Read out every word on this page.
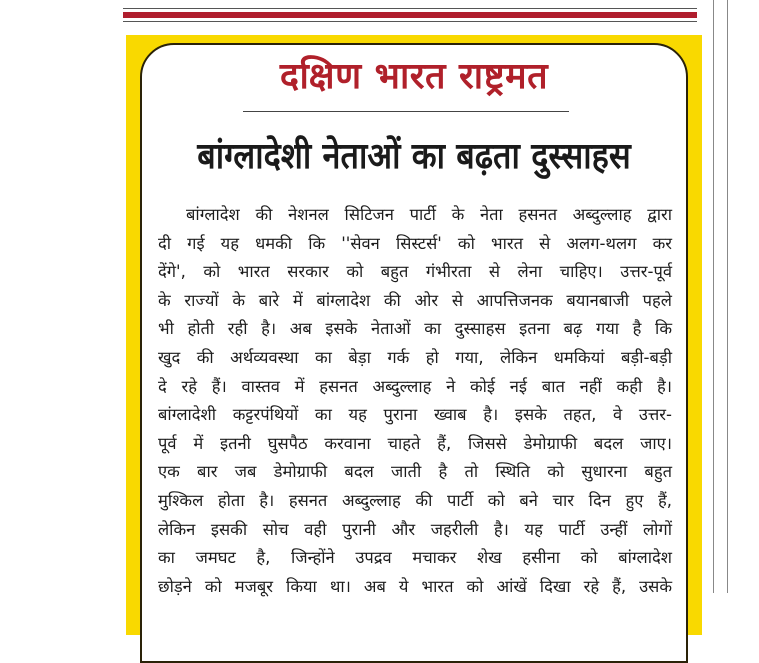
दक्षिण भारत राष्ट्रमत
बांग्लादेशी नेताओं का बढ़ता दुस्साहस
बांग्लादेश की नेशनल सिटिजन पार्टी के नेता हसनत अब्दुल्लाह द्वारा
दी गई यह धमकी कि ''सेवन सिस्टर्स' को भारत से अलग-थलग कर
देंगे', को भारत सरकार को बहुत गंभीरता से लेना चाहिए। उत्तर-पूर्व
के राज्यों के बारे में बांग्लादेश की ओर से आपत्तिजनक बयानबाजी पहले
भी होती रही है। अब इसके नेताओं का दुस्साहस इतना बढ़ गया है कि
खुद की अर्थव्यवस्था का बेड़ा गर्क हो गया, लेकिन धमकियां बड़ी-बड़ी
दे रहे हैं। वास्तव में हसनत अब्दुल्लाह ने कोई नई बात नहीं कही है।
बांग्लादेशी कट्टरपंथियों का यह पुराना ख्वाब है। इसके तहत, वे उत्तर-
पूर्व में इतनी घुसपैठ करवाना चाहते हैं, जिससे डेमोग्राफी बदल जाए।
एक बार जब डेमोग्राफी बदल जाती है तो स्थिति को सुधारना बहुत
मुश्किल होता है। हसनत अब्दुल्लाह की पार्टी को बने चार दिन हुए हैं,
लेकिन इसकी सोच वही पुरानी और जहरीली है। यह पार्टी उन्हीं लोगों
का जमघट है, जिन्होंने उपद्रव मचाकर शेख हसीना को बांग्लादेश
छोड़ने को मजबूर किया था। अब ये भारत को आंखें दिखा रहे हैं, उसके
